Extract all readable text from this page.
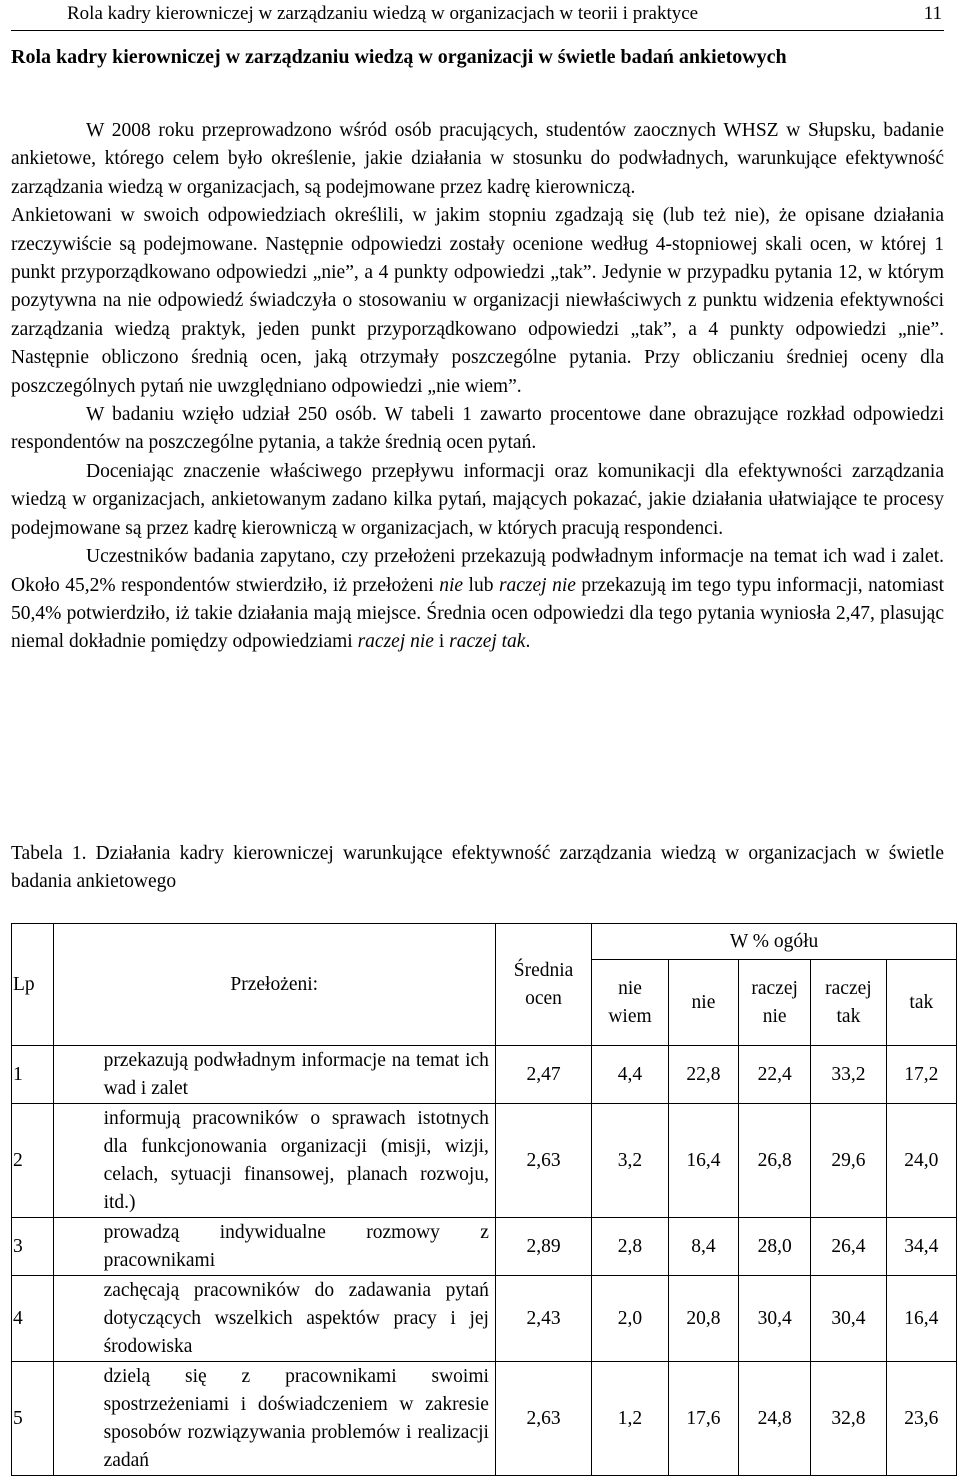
Rola kadry kierowniczej w zarządzaniu wiedzą w organizacjach w teorii i praktyce	11
Rola kadry kierowniczej w zarządzaniu wiedzą w organizacji w świetle badań ankietowych

W 2008 roku przeprowadzono wśród osób pracujących, studentów zaocznych WHSZ w Słupsku, badanie ankietowe, którego celem było określenie, jakie działania w stosunku do podwładnych, warunkujące efektywność zarządzania wiedzą w organizacjach, są podejmowane przez kadrę kierowniczą.

Ankietowani w swoich odpowiedziach określili, w jakim stopniu zgadzają się (lub też nie), że opisane działania rzeczywiście są podejmowane. Następnie odpowiedzi zostały ocenione według 4-stopniowej skali ocen, w której 1 punkt przyporządkowano odpowiedzi „nie”, a 4 punkty odpowiedzi „tak”. Jedynie w przypadku pytania 12, w którym pozytywna na nie odpowiedź świadczyła o stosowaniu w organizacji niewłaściwych z punktu widzenia efektywności zarządzania wiedzą praktyk, jeden punkt przyporządkowano odpowiedzi „tak”, a 4 punkty odpowiedzi „nie”. Następnie obliczono średnią ocen, jaką otrzymały poszczególne pytania. Przy obliczaniu średniej oceny dla poszczególnych pytań nie uwzględniano odpowiedzi „nie wiem”.

W badaniu wzięło udział 250 osób. W tabeli 1 zawarto procentowe dane obrazujące rozkład odpowiedzi respondentów na poszczególne pytania, a także średnią ocen pytań.

Doceniając znaczenie właściwego przepływu informacji oraz komunikacji dla efektywności zarządzania wiedzą w organizacjach, ankietowanym zadano kilka pytań, mających pokazać, jakie działania ułatwiające te procesy podejmowane są przez kadrę kierowniczą w organizacjach, w których pracują respondenci.

Uczestników badania zapytano, czy przełożeni przekazują podwładnym informacje na temat ich wad i zalet. Około 45,2% respondentów stwierdziło, iż przełożeni nie lub raczej nie przekazują im tego typu informacji, natomiast 50,4% potwierdziło, iż takie działania mają miejsce. Średnia ocen odpowiedzi dla tego pytania wyniosła 2,47, plasując niemal dokładnie pomiędzy odpowiedziami raczej nie i raczej tak.

Tabela 1. Działania kadry kierowniczej warunkujące efektywność zarządzania wiedzą w organizacjach w świetle badania ankietowego
Lp	Przełożeni:	Średnia ocen	W % ogółu				
			nie wiem	nie	raczej nie	raczej tak	tak
1	przekazują podwładnym informacje na temat ich wad i zalet	2,47	4,4	22,8	22,4	33,2	17,2
2	informują pracowników o sprawach istotnych dla funkcjonowania organizacji (misji, wizji, celach, sytuacji finansowej, planach rozwoju, itd.)	2,63	3,2	16,4	26,8	29,6	24,0
3	prowadzą indywidualne rozmowy z pracownikami	2,89	2,8	8,4	28,0	26,4	34,4
4	zachęcają pracowników do zadawania pytań dotyczących wszelkich aspektów pracy i jej środowiska	2,43	2,0	20,8	30,4	30,4	16,4
5	dzielą się z pracownikami swoimi spostrzeżeniami i doświadczeniem w zakresie sposobów rozwiązywania problemów i realizacji zadań	2,63	1,2	17,6	24,8	32,8	23,6
